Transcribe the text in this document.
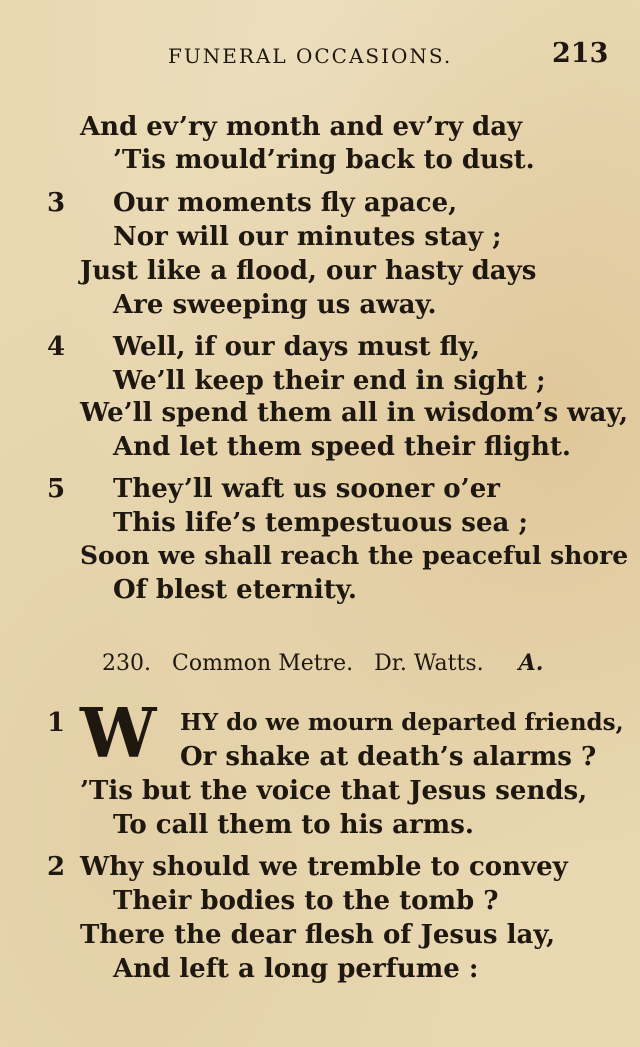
FUNERAL OCCASIONS.	213
And ev’ry month and ev’ry day
’Tis mould’ring back to dust.
3 Our moments fly apace,
Nor will our minutes stay ;
Just like a flood, our hasty days
Are sweeping us away.
4 Well, if our days must fly,
We’ll keep their end in sight ;
We’ll spend them all in wisdom’s way,
And let them speed their flight.
5 They’ll waft us sooner o’er
This life’s tempestuous sea ;
Soon we shall reach the peaceful shore
Of blest eternity.
230. Common Metre. Dr. Watts. A.
1 W HY do we mourn departed friends,
Or shake at death’s alarms ?
’Tis but the voice that Jesus sends,
To call them to his arms.
2 Why should we tremble to convey
Their bodies to the tomb ?
There the dear flesh of Jesus lay,
And left a long perfume :
